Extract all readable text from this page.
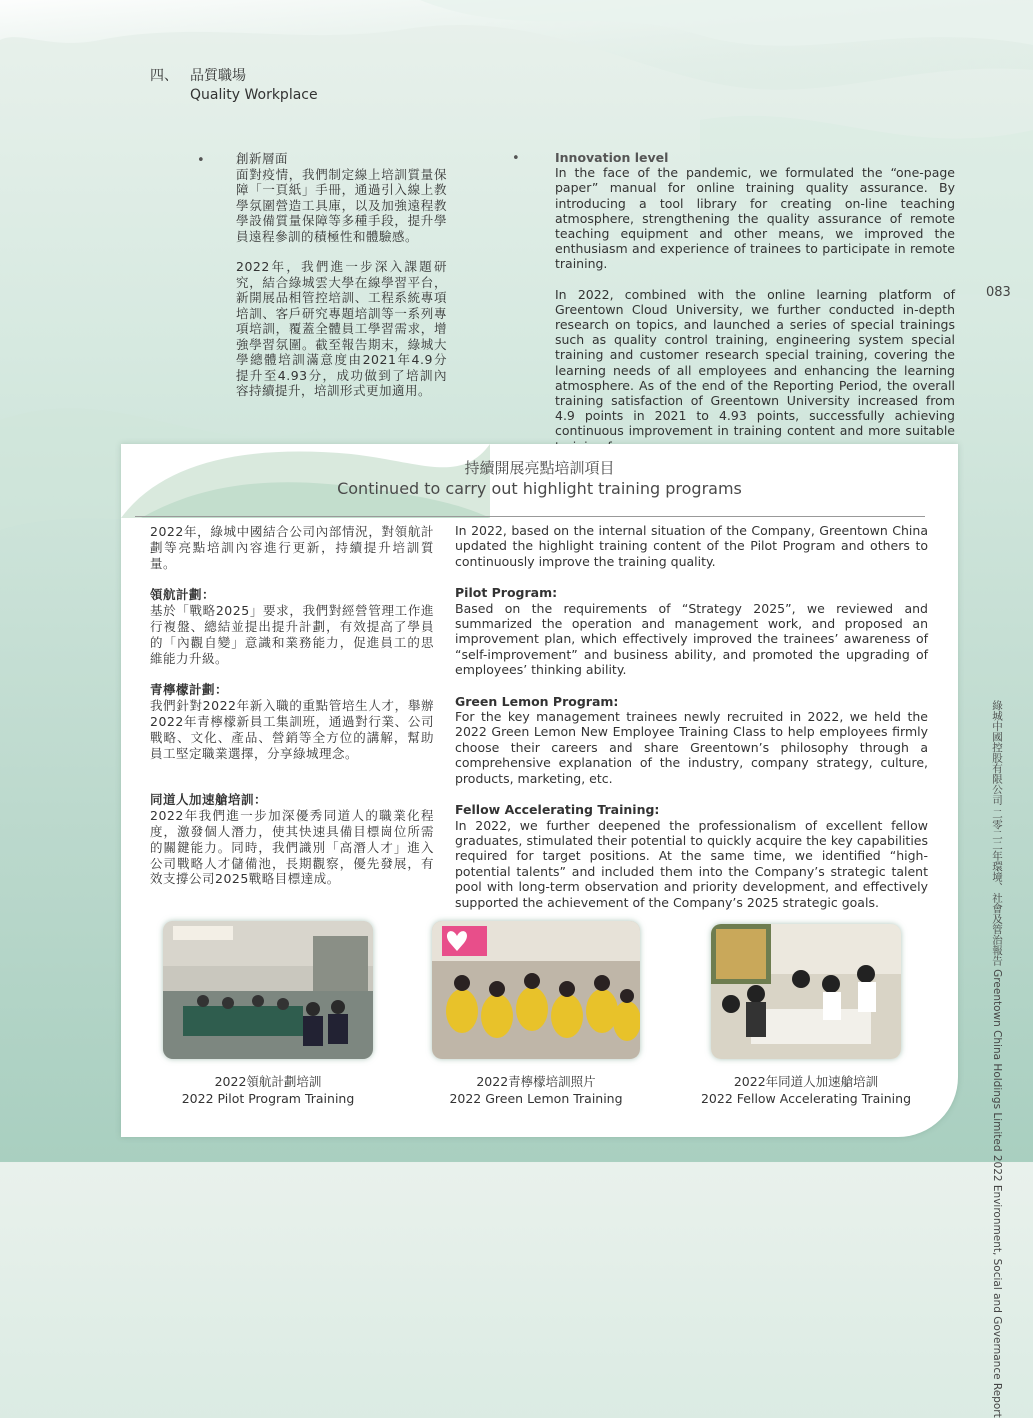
四、 品質職場
Quality Workplace
•	創新層面

面對疫情，我們制定線上培訓質量保障「一頁紙」手冊，通過引入線上教學氛圍營造工具庫，以及加強遠程教學設備質量保障等多種手段，提升學員遠程參訓的積極性和體驗感。

2022年，我們進一步深入課題研究，結合綠城雲大學在線學習平台，新開展品相管控培訓、工程系統專項培訓、客戶研究專題培訓等一系列專項培訓，覆蓋全體員工學習需求，增強學習氛圍。截至報告期末，綠城大學總體培訓滿意度由2021年4.9分提升至4.93分，成功做到了培訓內容持續提升，培訓形式更加適用。

•	Innovation level

In the face of the pandemic, we formulated the “one-page paper” manual for online training quality assurance. By introducing a tool library for creating on-line teaching atmosphere, strengthening the quality assurance of remote teaching equipment and other means, we improved the enthusiasm and experience of trainees to participate in remote training.

In 2022, combined with the online learning platform of Greentown Cloud University, we further conducted in-depth research on topics, and launched a series of special trainings such as quality control training, engineering system special training and customer research special training, covering the learning needs of all employees and enhancing the learning atmosphere. As of the end of the Reporting Period, the overall training satisfaction of Greentown University increased from 4.9 points in 2021 to 4.93 points, successfully achieving continuous improvement in training content and more suitable

083
綠城中國控股有限公司 二零二二年環境、社會及管治報告 Greentown China Holdings Limited 2022 Environment, Social and Governance Report
持續開展亮點培訓項目
Continued to carry out highlight training programs

2022年，綠城中國結合公司內部情況，對領航計劃等亮點培訓內容進行更新，持續提升培訓質量。

領航計劃：

基於「戰略2025」要求，我們對經營管理工作進行複盤、總結並提出提升計劃，有效提高了學員的「內觀自變」意識和業務能力，促進員工的思維能力升級。

青檸檬計劃：

我們針對2022年新入職的重點管培生人才，舉辦2022年青檸檬新員工集訓班，通過對行業、公司戰略、文化、產品、營銷等全方位的講解，幫助員工堅定職業選擇，分享綠城理念。

同道人加速艙培訓：

2022年我們進一步加深優秀同道人的職業化程度，激發個人潛力，使其快速具備目標崗位所需的關鍵能力。同時，我們識別「高潛人才」進入公司戰略人才儲備池，長期觀察，優先發展，有效支撐公司2025戰略目標達成。

In 2022, based on the internal situation of the Company, Greentown China updated the highlight training content of the Pilot Program and others to continuously improve the training quality.

Pilot Program:

Based on the requirements of “Strategy 2025”, we reviewed and summarized the operation and management work, and proposed an improvement plan, which effectively improved the trainees’ awareness of “self-improvement” and business ability, and promoted the upgrading of employees’ thinking ability.

Green Lemon Program:

For the key management trainees newly recruited in 2022, we held the 2022 Green Lemon New Employee Training Class to help employees firmly choose their careers and share Greentown’s philosophy through a comprehensive explanation of the industry, company strategy, culture, products, marketing, etc.

Fellow Accelerating Training:

In 2022, we further deepened the professionalism of excellent fellow graduates, stimulated their potential to quickly acquire the key capabilities required for target positions. At the same time, we identified “high-potential talents” and included them into the Company’s strategic talent pool with long-term observation and priority development, and effectively supported the achievement of the Company’s 2025 strategic goals.

2022領航計劃培訓
2022 Pilot Program Training
2022青檸檬培訓照片
2022 Green Lemon Training
2022年同道人加速艙培訓
2022 Fellow Accelerating Training
